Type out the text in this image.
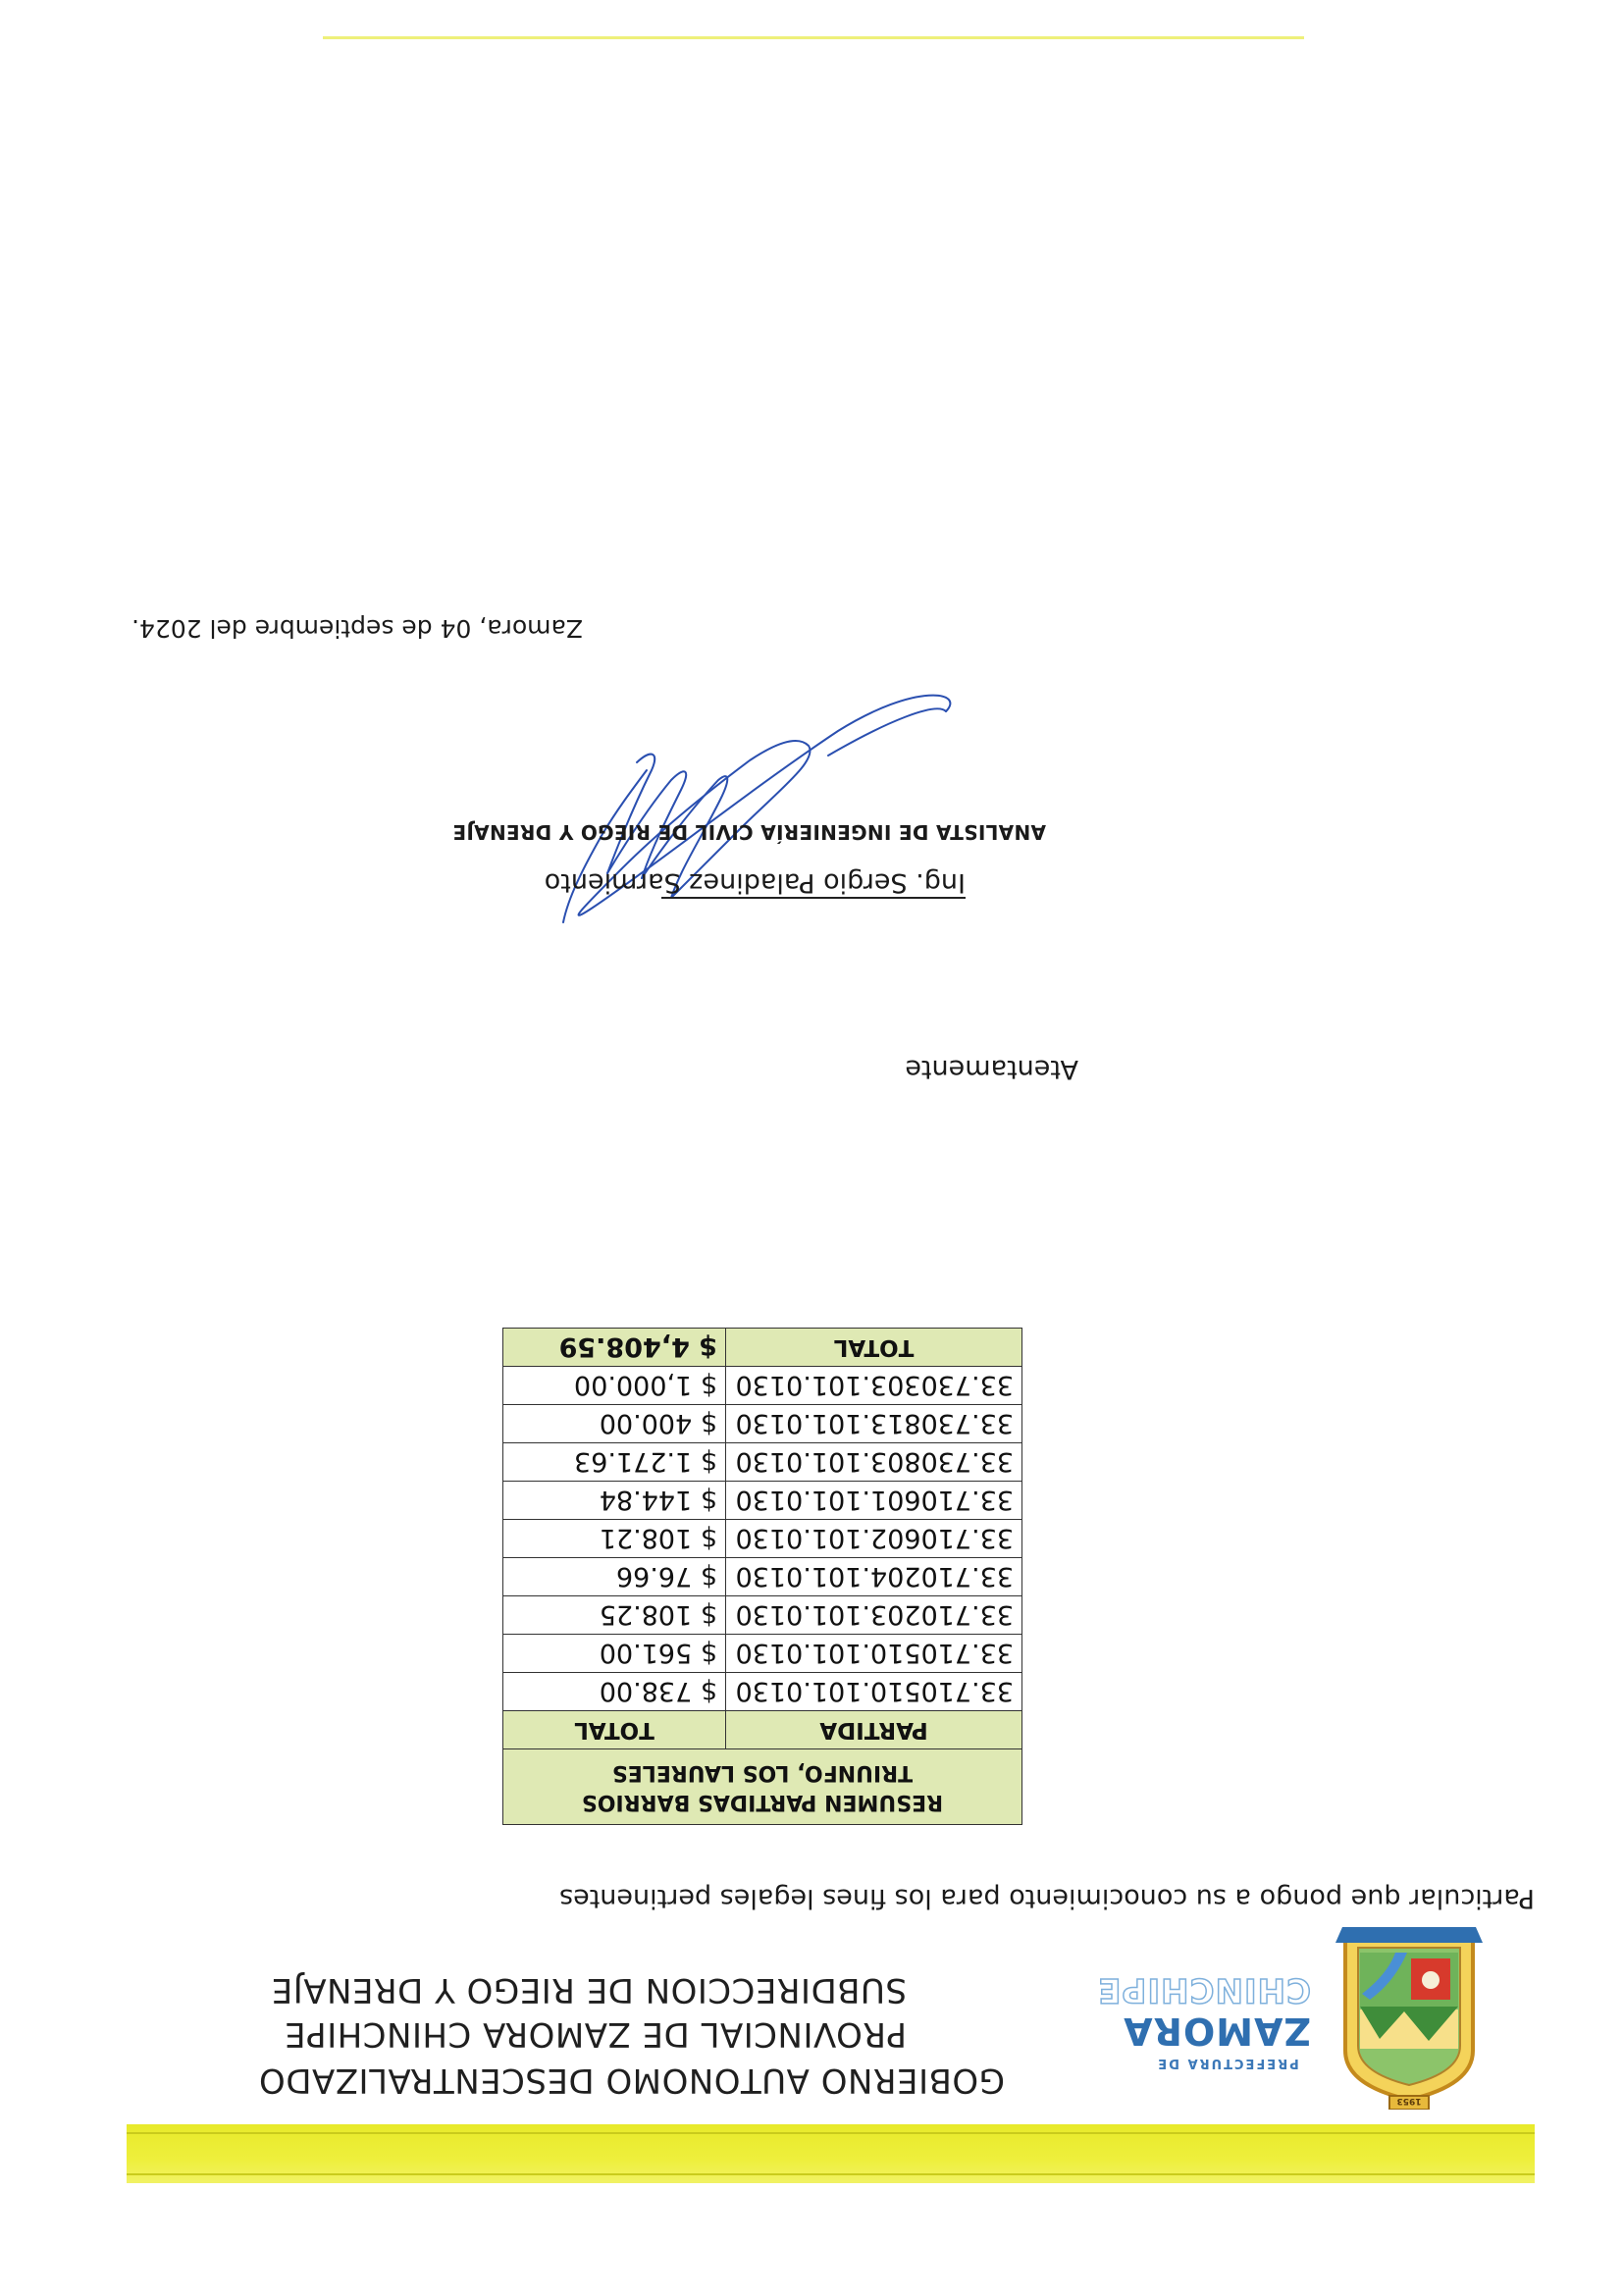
1953
PREFECTURA DE
ZAMORA
CHINCHIPE
GOBIERNO AUTONOMO DESCENTRALIZADO
PROVINCIAL DE ZAMORA CHINCHIPE
SUBDIRECCION DE RIEGO Y DRENAJE
Particular que pongo a su conocimiento para los fines legales pertinentes
RESUMEN PARTIDAS BARRIOS
TRIUNFO, LOS LAURELES	

PARTIDA	TOTAL
33.710510.101.0130	$ 738.00
33.710510.101.0130	$ 561.00
33.710203.101.0130	$ 108.25
33.710204.101.0130	$ 76.66
33.710602.101.0130	$ 108.21
33.710601.101.0130	$ 144.84
33.730803.101.0130	$ 1.271.63
33.730813.101.0130	$ 400.00
33.730303.101.0130	$ 1,000.00
TOTAL	$ 4,408.59
Atentamente
Ing. Sergio Paladinez Sarmiento
ANALISTA DE INGENIERÍA CIVIL DE RIEGO Y DRENAJE
Zamora, 04 de septiembre del 2024.
